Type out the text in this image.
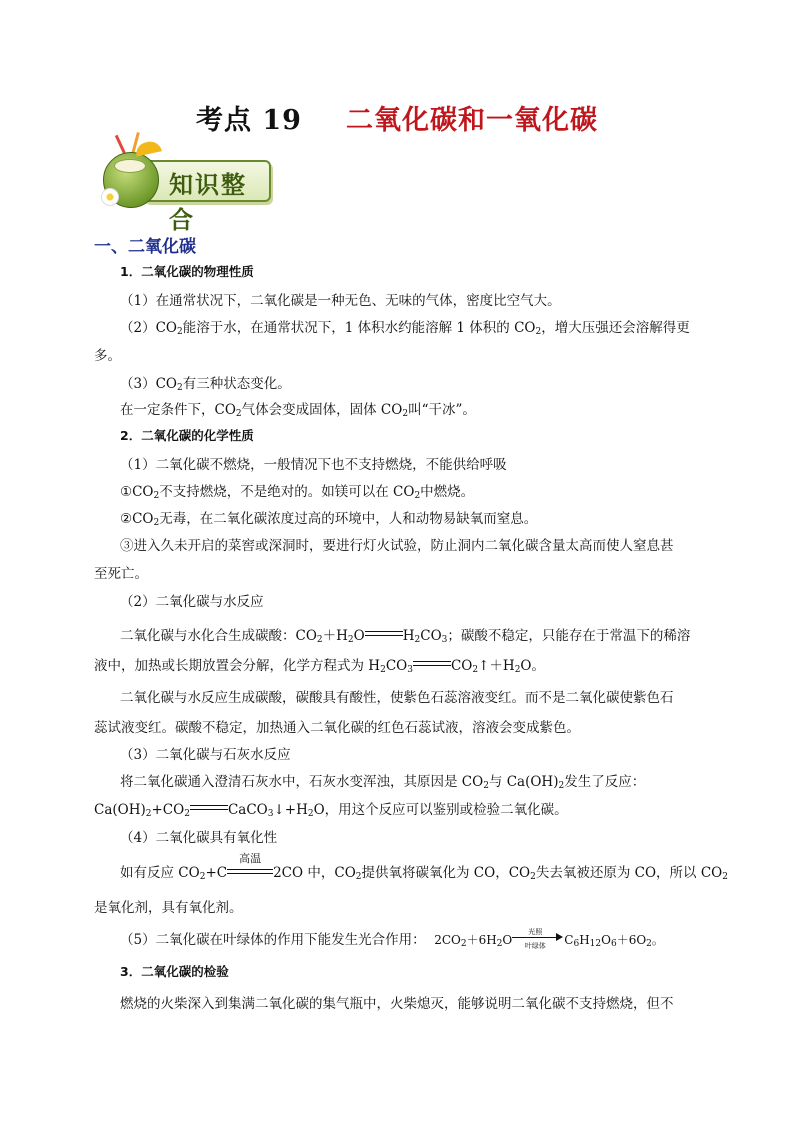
考点 19 二氧化碳和一氧化碳
知识整合
一、二氧化碳
1．二氧化碳的物理性质
（1）在通常状况下，二氧化碳是一种无色、无味的气体，密度比空气大。
$(2)CO_2$能溶于水，在通常状况下，1 体积水约能溶解 1 体积的 $CO_2$，增大压强还会溶解得更
多。
$(3)CO_2$有三种状态变化。
在一定条件下，$CO_2$气体会变成固体，固体 $CO_2$叫“干冰”。
2．二氧化碳的化学性质
（1）二氧化碳不燃烧，一般情况下也不支持燃烧，不能供给呼吸
$①CO_2$不支持燃烧，不是绝对的。如镁可以在 $CO_2$中燃烧。
$②CO_2$无毒，在二氧化碳浓度过高的环境中，人和动物易缺氧而窒息。
③进入久未开启的菜窖或深洞时，要进行灯火试验，防止洞内二氧化碳含量太高而使人窒息甚
至死亡。
（2）二氧化碳与水反应
二氧化碳与水化合生成碳酸：$CO_2+H_2O$	$H_2CO_3$；碳酸不稳定，只能存在于常温下的稀溶
液中，加热或长期放置会分解，化学方程式为 $H_2CO_3$	$CO_2↑+H_2O$。
二氧化碳与水反应生成碳酸，碳酸具有酸性，使紫色石蕊溶液变红。而不是二氧化碳使紫色石
蕊试液变红。碳酸不稳定，加热通入二氧化碳的红色石蕊试液，溶液会变成紫色。
（3）二氧化碳与石灰水反应
将二氧化碳通入澄清石灰水中，石灰水变浑浊，其原因是 $CO_2$与 $Ca(OH)_2$发生了反应：
$Ca(OH)_2+CO_2$	$CaCO_3↓+H_2O$，用这个反应可以鉴别或检验二氧化碳。
（4）二氧化碳具有氧化性
如有反应 $CO_2+C$
高温
2CO 中，$CO_2$提供氧将碳氧化为 CO，$CO_2$失去氧被还原为 CO，所以 $CO_2$
是氧化剂，具有氧化剂。
（5）二氧化碳在叶绿体的作用下能发生光合作用： $2CO_2+6H_2O$
光照
叶绿体	$C_6H_{12}O_6+6O_2$。
3．二氧化碳的检验
燃烧的火柴深入到集满二氧化碳的集气瓶中，火柴熄灭，能够说明二氧化碳不支持燃烧，但不
